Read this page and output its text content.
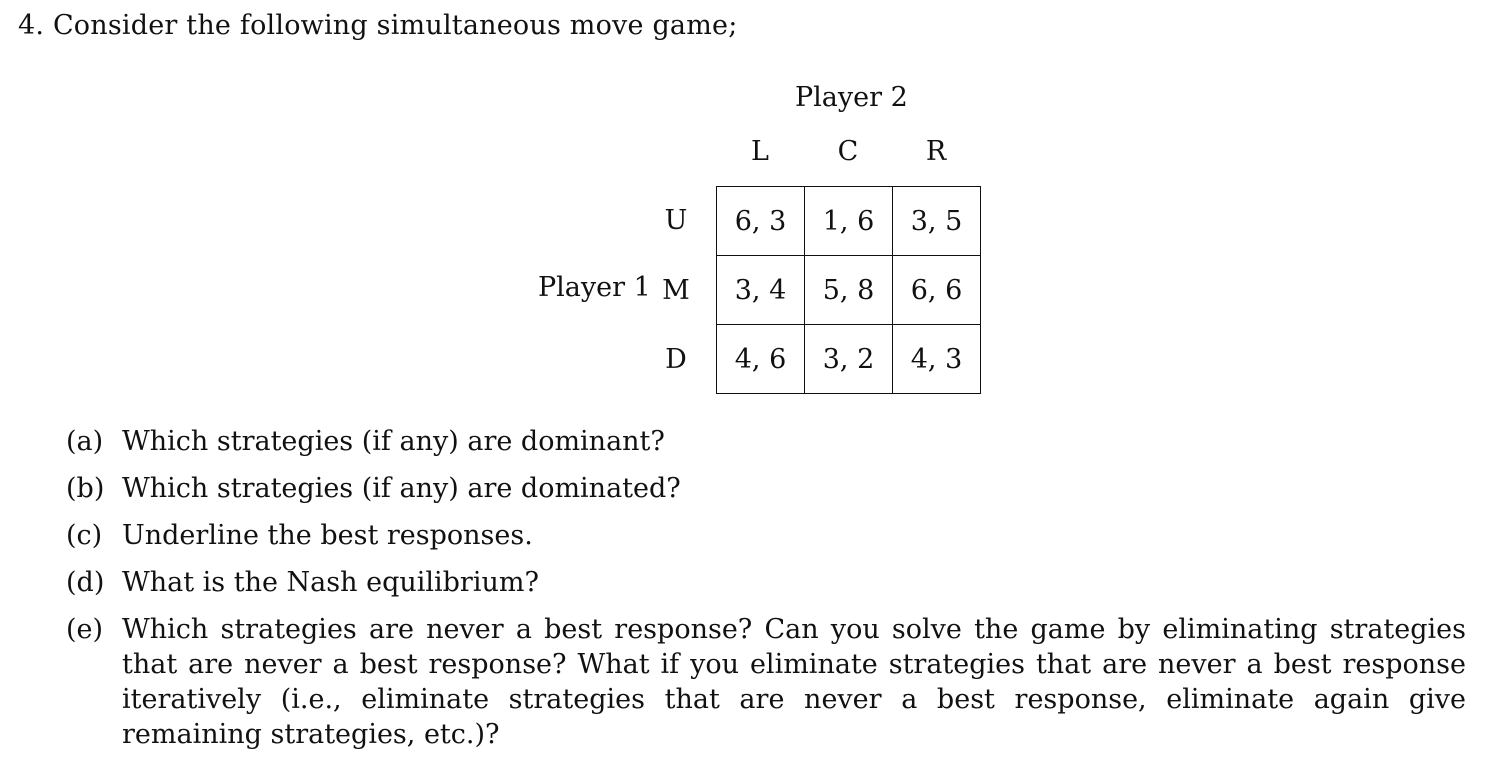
4. Consider the following simultaneous move game;
Player 2
L	C	R
Player 1
U
M
D
6, 3	1, 6	3, 5
3, 4	5, 8	6, 6
4, 6	3, 2	4, 3
(a) Which strategies (if any) are dominant?
(b) Which strategies (if any) are dominated?
(c) Underline the best responses.
(d) What is the Nash equilibrium?
(e) Which strategies are never a best response? Can you solve the game by eliminating strategies that are never a best response? What if you eliminate strategies that are never a best response iteratively (i.e., eliminate strategies that are never a best response, eliminate again give remaining strategies, etc.)?
